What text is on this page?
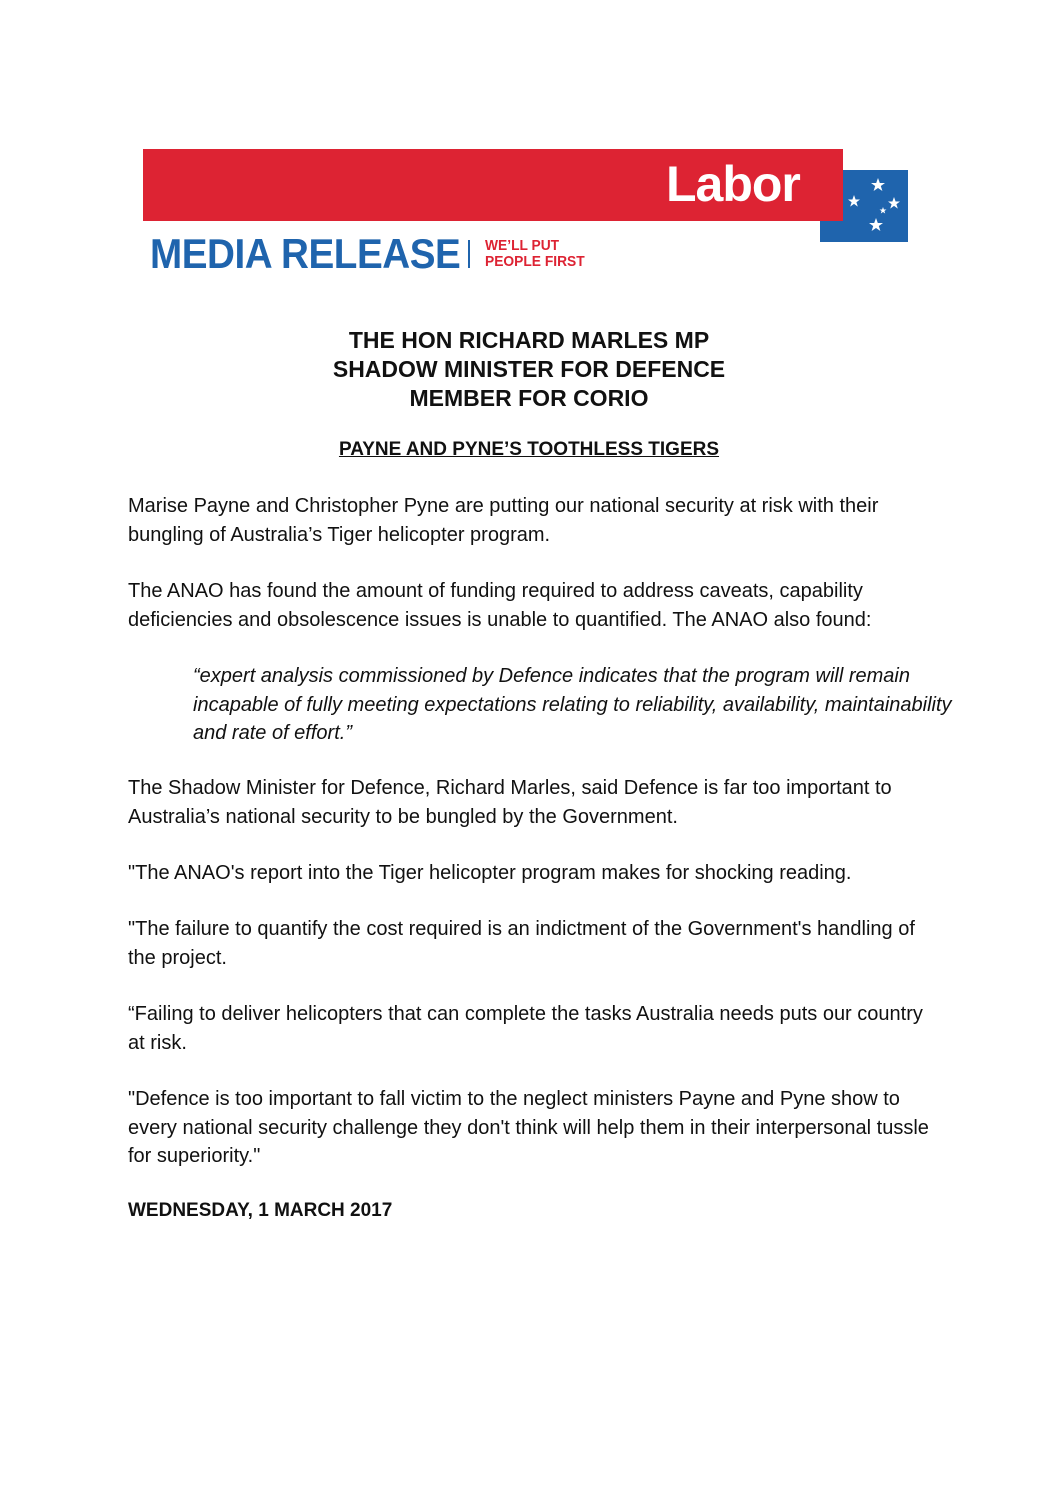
Labor
MEDIA RELEASE WE’LL PUT
PEOPLE FIRST
THE HON RICHARD MARLES MP
SHADOW MINISTER FOR DEFENCE
MEMBER FOR CORIO
PAYNE AND PYNE’S TOOTHLESS TIGERS

Marise Payne and Christopher Pyne are putting our national security at risk with their bungling of Australia’s Tiger helicopter program.

The ANAO has found the amount of funding required to address caveats, capability deficiencies and obsolescence issues is unable to quantified. The ANAO also found:

“expert analysis commissioned by Defence indicates that the program will remain incapable of fully meeting expectations relating to reliability, availability, maintainability and rate of effort.”

The Shadow Minister for Defence, Richard Marles, said Defence is far too important to Australia’s national security to be bungled by the Government.

"The ANAO's report into the Tiger helicopter program makes for shocking reading.

"The failure to quantify the cost required is an indictment of the Government's handling of the project.

“Failing to deliver helicopters that can complete the tasks Australia needs puts our country at risk.

"Defence is too important to fall victim to the neglect ministers Payne and Pyne show to every national security challenge they don't think will help them in their interpersonal tussle for superiority."

WEDNESDAY, 1 MARCH 2017
